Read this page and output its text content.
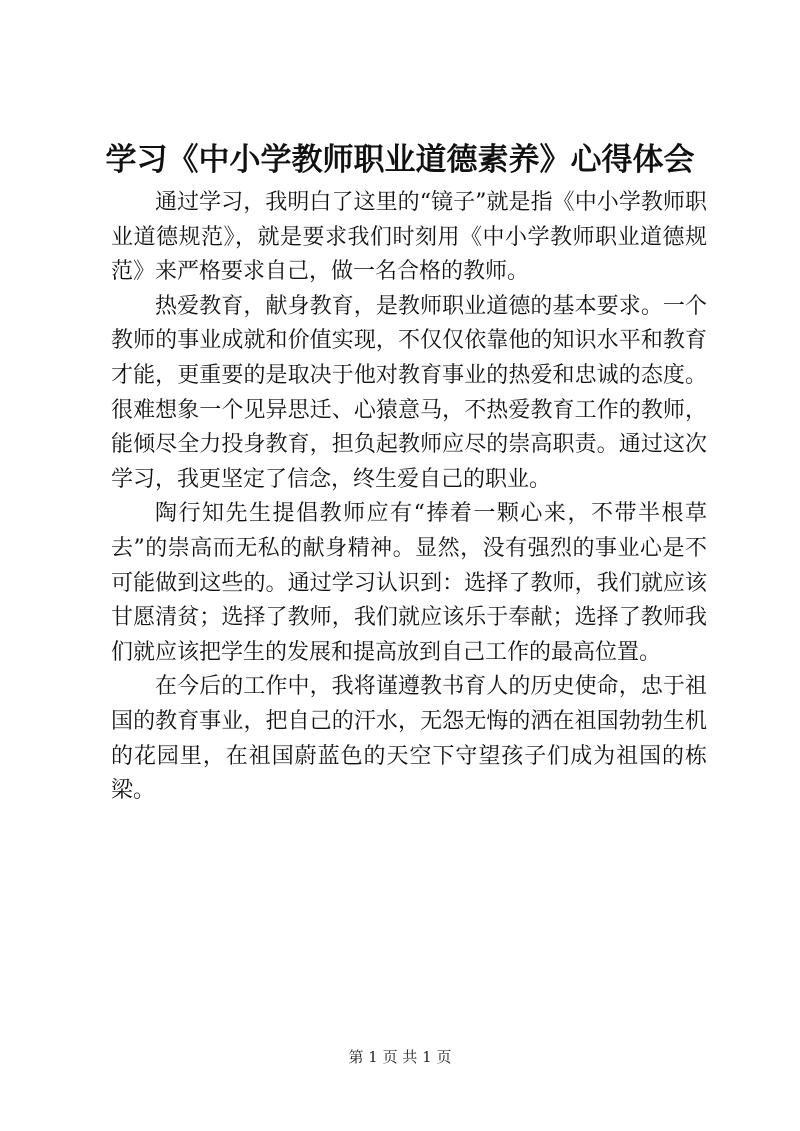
学习《中小学教师职业道德素养》心得体会

通过学习，我明白了这里的“镜子”就是指《中小学教师职业道德规范》，就是要求我们时刻用《中小学教师职业道德规范》来严格要求自己，做一名合格的教师。

热爱教育，献身教育，是教师职业道德的基本要求。一个教师的事业成就和价值实现，不仅仅依靠他的知识水平和教育才能，更重要的是取决于他对教育事业的热爱和忠诚的态度。很难想象一个见异思迁、心猿意马，不热爱教育工作的教师，能倾尽全力投身教育，担负起教师应尽的崇高职责。通过这次学习，我更坚定了信念，终生爱自己的职业。

陶行知先生提倡教师应有“捧着一颗心来，不带半根草去”的崇高而无私的献身精神。显然，没有强烈的事业心是不可能做到这些的。通过学习认识到：选择了教师，我们就应该甘愿清贫；选择了教师，我们就应该乐于奉献；选择了教师我们就应该把学生的发展和提高放到自己工作的最高位置。

在今后的工作中，我将谨遵教书育人的历史使命，忠于祖国的教育事业，把自己的汗水，无怨无悔的洒在祖国勃勃生机的花园里，在祖国蔚蓝色的天空下守望孩子们成为祖国的栋梁。

第 1 页 共 1 页
